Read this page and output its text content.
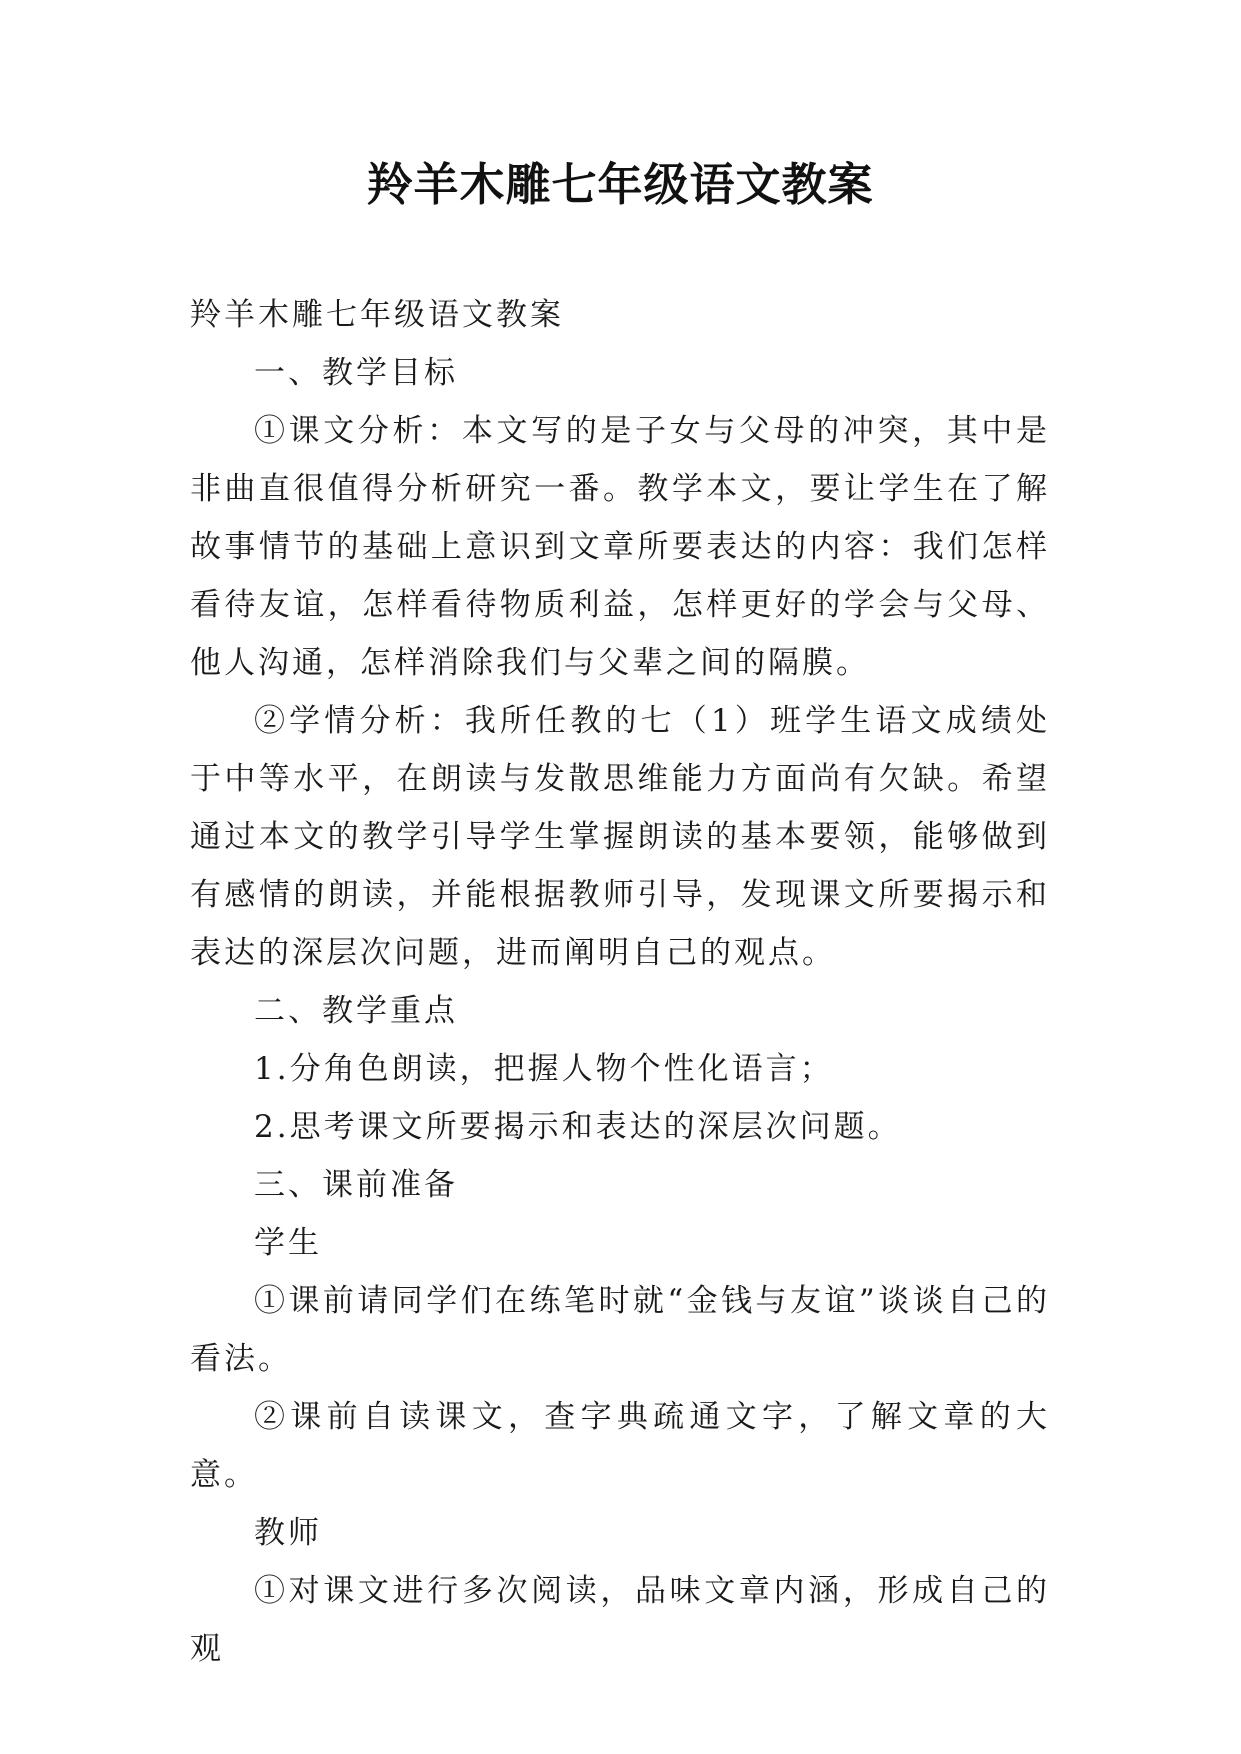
羚羊木雕七年级语文教案

羚羊木雕七年级语文教案

一、教学目标

①课文分析：本文写的是子女与父母的冲突，其中是非曲直很值得分析研究一番。教学本文，要让学生在了解故事情节的基础上意识到文章所要表达的内容：我们怎样看待友谊，怎样看待物质利益，怎样更好的学会与父母、他人沟通，怎样消除我们与父辈之间的隔膜。

②学情分析：我所任教的七（1）班学生语文成绩处于中等水平，在朗读与发散思维能力方面尚有欠缺。希望通过本文的教学引导学生掌握朗读的基本要领，能够做到有感情的朗读，并能根据教师引导，发现课文所要揭示和表达的深层次问题，进而阐明自己的观点。

二、教学重点

1.分角色朗读，把握人物个性化语言；

2.思考课文所要揭示和表达的深层次问题。

三、课前准备

学生

①课前请同学们在练笔时就“金钱与友谊”谈谈自己的看法。

②课前自读课文，查字典疏通文字，了解文章的大意。

教师

①对课文进行多次阅读，品味文章内涵，形成自己的观
